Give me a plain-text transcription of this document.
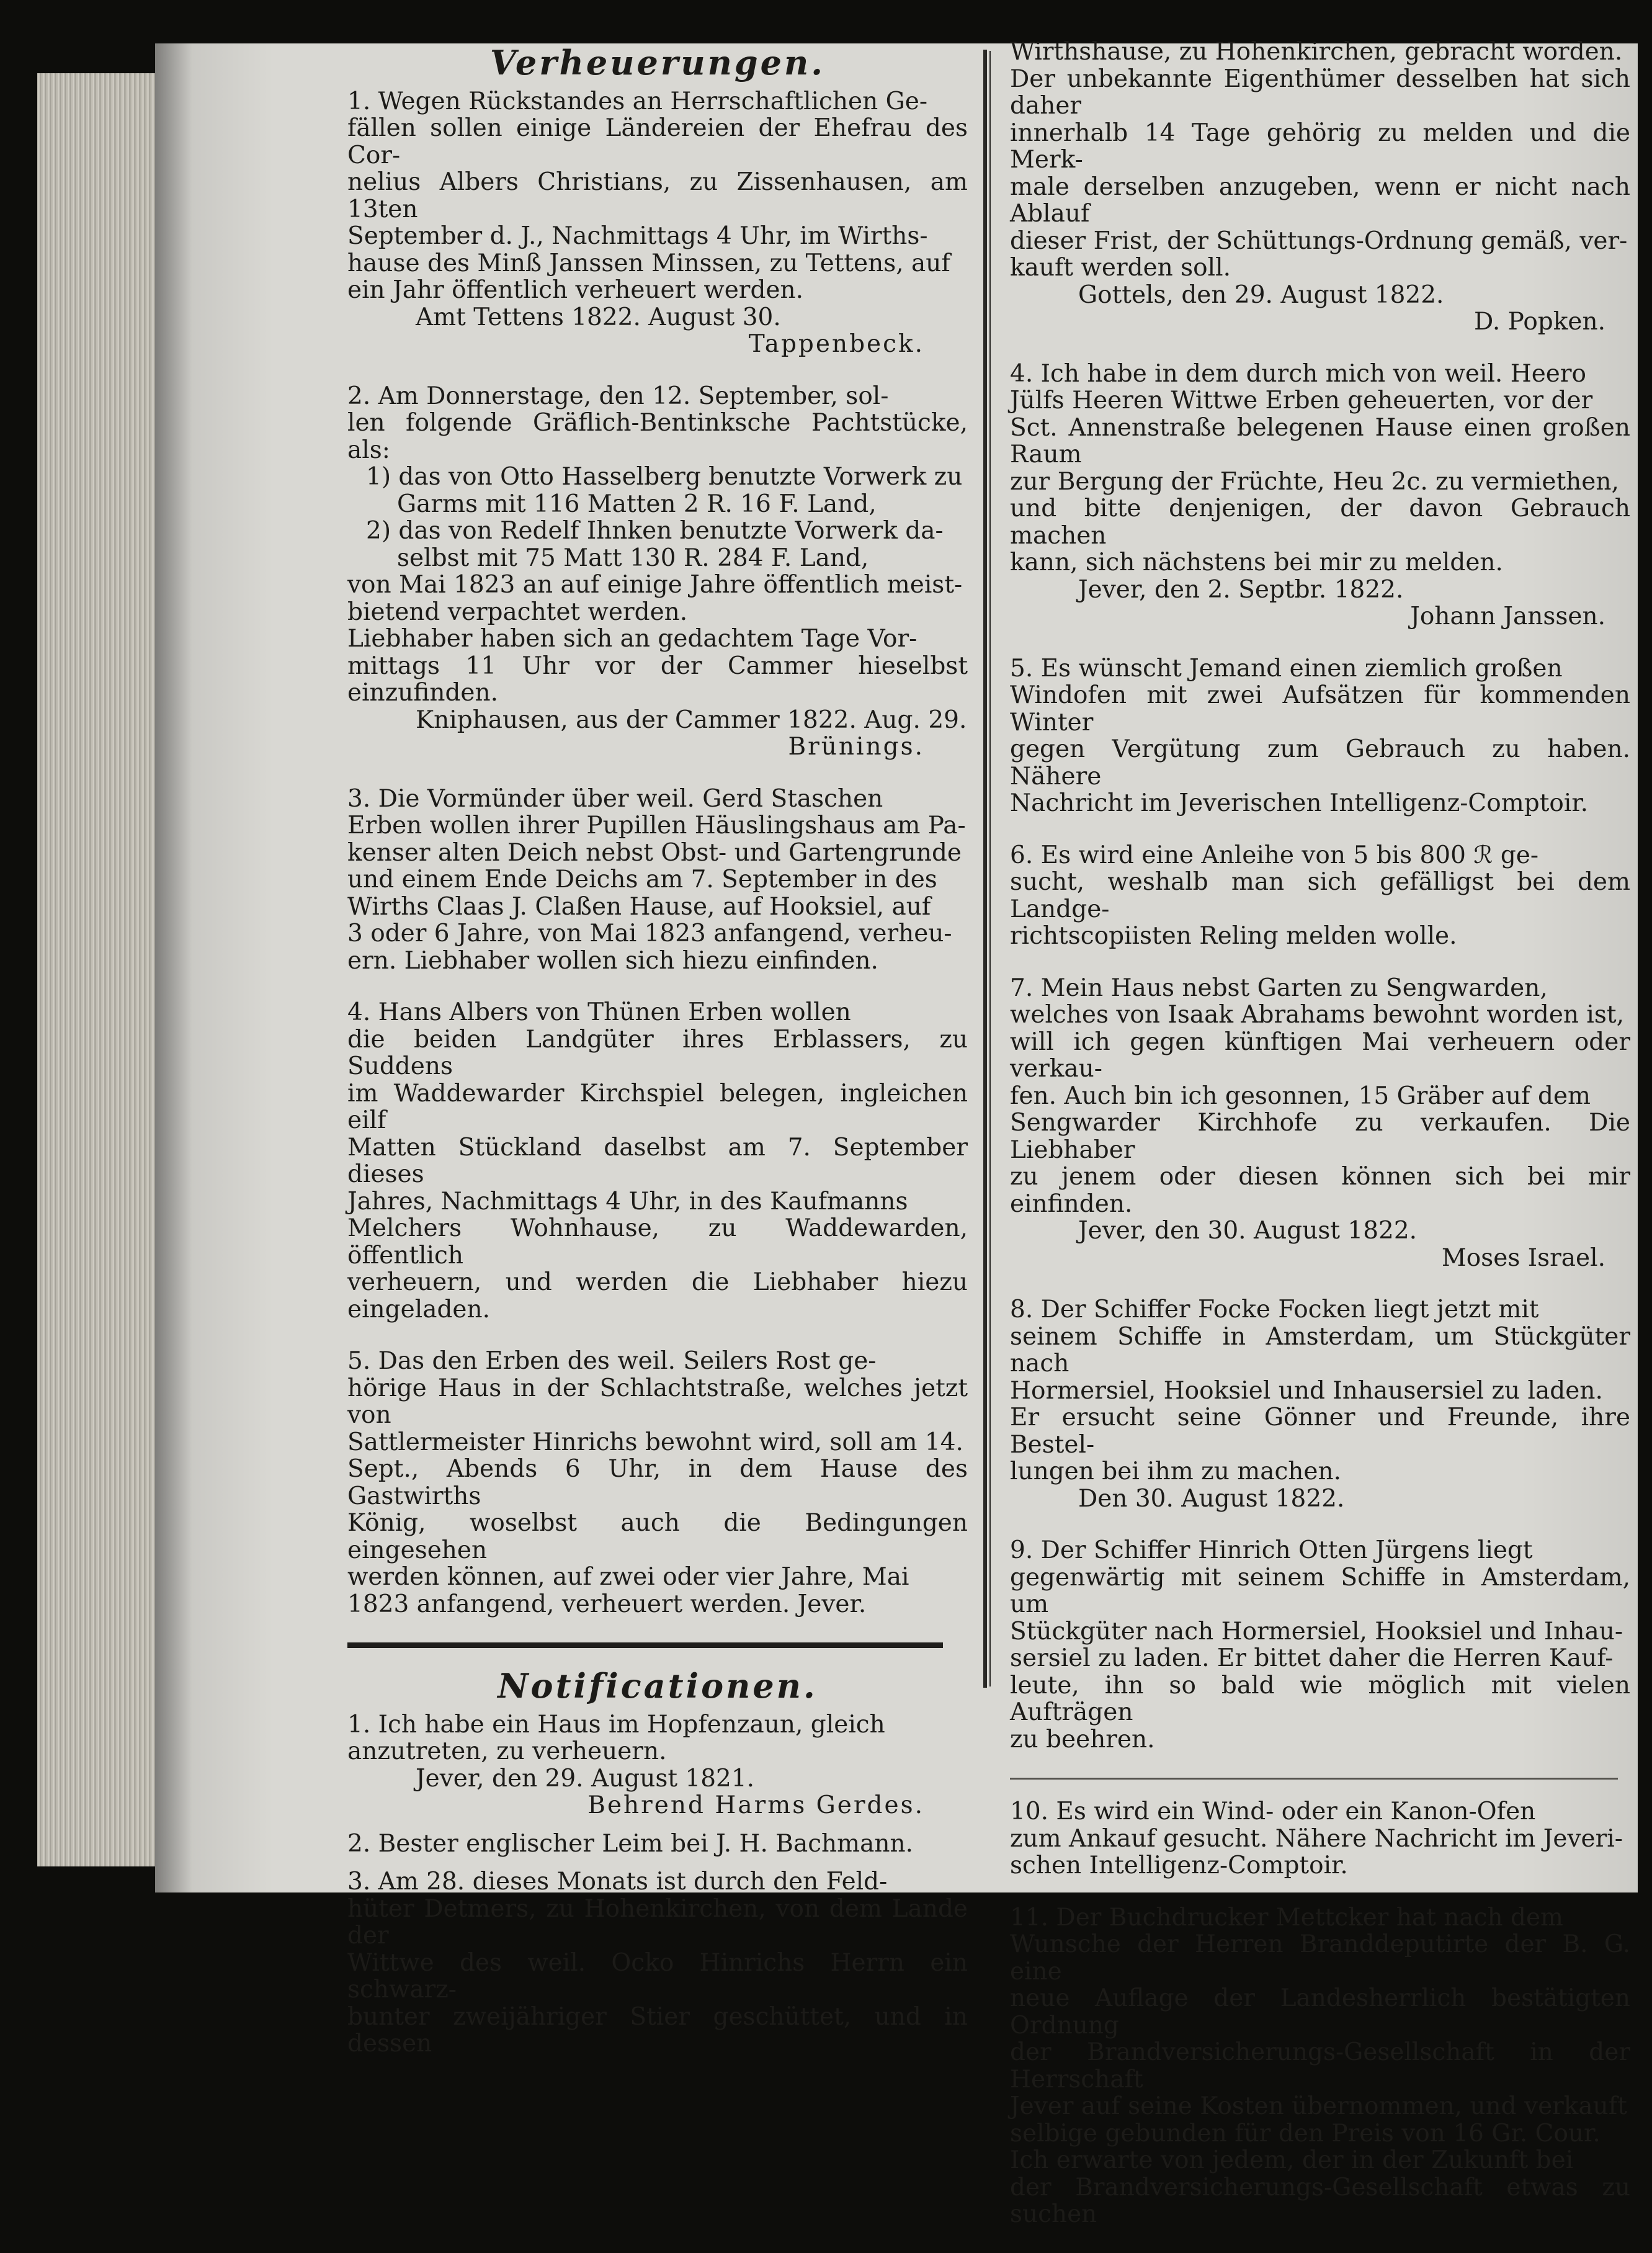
Verheuerungen.
1. Wegen Rückstandes an Herrschaftlichen Ge-
fällen sollen einige Ländereien der Ehefrau des Cor-
nelius Albers Christians, zu Zissenhausen, am 13ten
September d. J., Nachmittags 4 Uhr, im Wirths-
hause des Minß Janssen Minssen, zu Tettens, auf
ein Jahr öffentlich verheuert werden.
Amt Tettens 1822. August 30.
Tappenbeck.
2. Am Donnerstage, den 12. September, sol-
len folgende Gräflich-Bentinksche Pachtstücke, als:
1) das von Otto Hasselberg benutzte Vorwerk zu
Garms mit 116 Matten 2 R. 16 F. Land,
2) das von Redelf Ihnken benutzte Vorwerk da-
selbst mit 75 Matt 130 R. 284 F. Land,
von Mai 1823 an auf einige Jahre öffentlich meist-
bietend verpachtet werden.
Liebhaber haben sich an gedachtem Tage Vor-
mittags 11 Uhr vor der Cammer hieselbst einzufinden.
Kniphausen, aus der Cammer 1822. Aug. 29.
Brünings.
3. Die Vormünder über weil. Gerd Staschen
Erben wollen ihrer Pupillen Häuslingshaus am Pa-
kenser alten Deich nebst Obst- und Gartengrunde
und einem Ende Deichs am 7. September in des
Wirths Claas J. Claßen Hause, auf Hooksiel, auf
3 oder 6 Jahre, von Mai 1823 anfangend, verheu-
ern. Liebhaber wollen sich hiezu einfinden.
4. Hans Albers von Thünen Erben wollen
die beiden Landgüter ihres Erblassers, zu Suddens
im Waddewarder Kirchspiel belegen, ingleichen eilf
Matten Stückland daselbst am 7. September dieses
Jahres, Nachmittags 4 Uhr, in des Kaufmanns
Melchers Wohnhause, zu Waddewarden, öffentlich
verheuern, und werden die Liebhaber hiezu eingeladen.
5. Das den Erben des weil. Seilers Rost ge-
hörige Haus in der Schlachtstraße, welches jetzt von
Sattlermeister Hinrichs bewohnt wird, soll am 14.
Sept., Abends 6 Uhr, in dem Hause des Gastwirths
König, woselbst auch die Bedingungen eingesehen
werden können, auf zwei oder vier Jahre, Mai
1823 anfangend, verheuert werden. Jever.
Notificationen.
1. Ich habe ein Haus im Hopfenzaun, gleich
anzutreten, zu verheuern.
Jever, den 29. August 1821.
Behrend Harms Gerdes.
2. Bester englischer Leim bei J. H. Bachmann.
3. Am 28. dieses Monats ist durch den Feld-
hüter Detmers, zu Hohenkirchen, von dem Lande der
Wittwe des weil. Ocko Hinrichs Herrn ein schwarz-
bunter zweijähriger Stier geschüttet, und in dessen
Wirthshause, zu Hohenkirchen, gebracht worden.
Der unbekannte Eigenthümer desselben hat sich daher
innerhalb 14 Tage gehörig zu melden und die Merk-
male derselben anzugeben, wenn er nicht nach Ablauf
dieser Frist, der Schüttungs-Ordnung gemäß, ver-
kauft werden soll.
Gottels, den 29. August 1822.
D. Popken.
4. Ich habe in dem durch mich von weil. Heero
Jülfs Heeren Wittwe Erben geheuerten, vor der
Sct. Annenstraße belegenen Hause einen großen Raum
zur Bergung der Früchte, Heu 2c. zu vermiethen,
und bitte denjenigen, der davon Gebrauch machen
kann, sich nächstens bei mir zu melden.
Jever, den 2. Septbr. 1822.
Johann Janssen.
5. Es wünscht Jemand einen ziemlich großen
Windofen mit zwei Aufsätzen für kommenden Winter
gegen Vergütung zum Gebrauch zu haben. Nähere
Nachricht im Jeverischen Intelligenz-Comptoir.
6. Es wird eine Anleihe von 5 bis 800 ℛ ge-
sucht, weshalb man sich gefälligst bei dem Landge-
richtscopiisten Reling melden wolle.
7. Mein Haus nebst Garten zu Sengwarden,
welches von Isaak Abrahams bewohnt worden ist,
will ich gegen künftigen Mai verheuern oder verkau-
fen. Auch bin ich gesonnen, 15 Gräber auf dem
Sengwarder Kirchhofe zu verkaufen. Die Liebhaber
zu jenem oder diesen können sich bei mir einfinden.
Jever, den 30. August 1822.
Moses Israel.
8. Der Schiffer Focke Focken liegt jetzt mit
seinem Schiffe in Amsterdam, um Stückgüter nach
Hormersiel, Hooksiel und Inhausersiel zu laden.
Er ersucht seine Gönner und Freunde, ihre Bestel-
lungen bei ihm zu machen.
Den 30. August 1822.
9. Der Schiffer Hinrich Otten Jürgens liegt
gegenwärtig mit seinem Schiffe in Amsterdam, um
Stückgüter nach Hormersiel, Hooksiel und Inhau-
sersiel zu laden. Er bittet daher die Herren Kauf-
leute, ihn so bald wie möglich mit vielen Aufträgen
zu beehren.
10. Es wird ein Wind- oder ein Kanon-Ofen
zum Ankauf gesucht. Nähere Nachricht im Jeveri-
schen Intelligenz-Comptoir.
11. Der Buchdrucker Mettcker hat nach dem
Wunsche der Herren Branddeputirte der B. G. eine
neue Auflage der Landesherrlich bestätigten Ordnung
der Brandversicherungs-Gesellschaft in der Herrschaft
Jever auf seine Kosten übernommen, und verkauft
selbige gebunden für den Preis von 16 Gr. Cour.
Ich erwarte von jedem, der in der Zukunft bei
der Brandversicherungs-Gesellschaft etwas zu suchen
